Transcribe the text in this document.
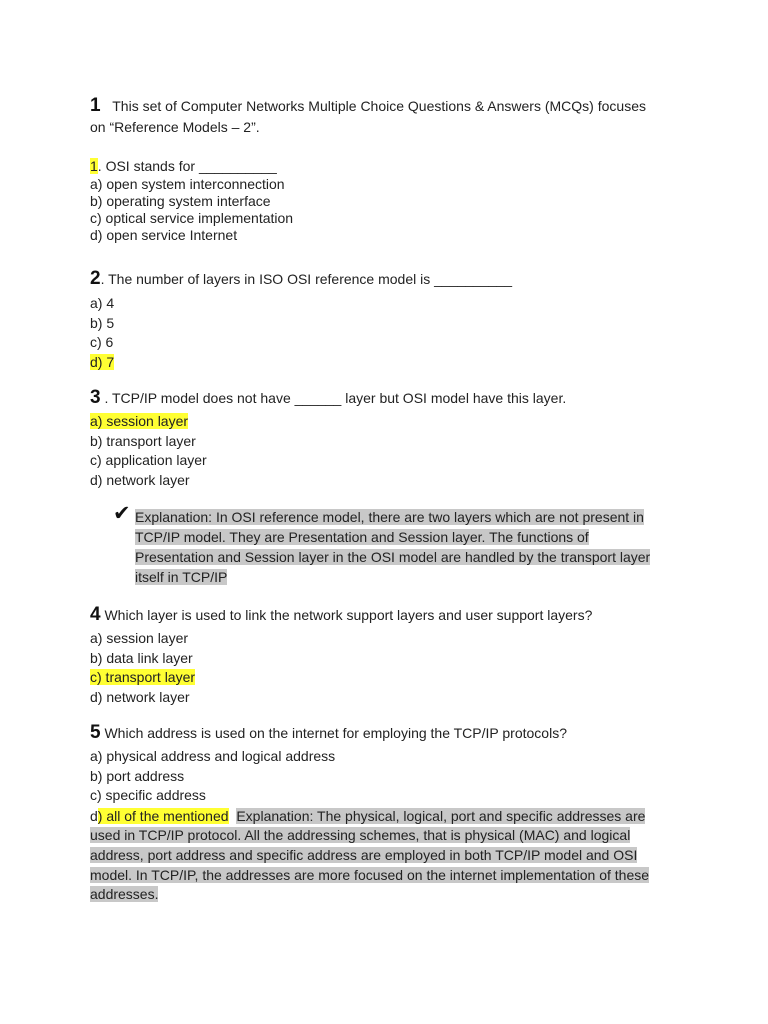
1 This set of Computer Networks Multiple Choice Questions & Answers (MCQs) focuses
on “Reference Models – 2”.
1. OSI stands for __________
a) open system interconnection
b) operating system interface
c) optical service implementation
d) open service Internet
2. The number of layers in ISO OSI reference model is __________
a) 4
b) 5
c) 6
d) 7
3 . TCP/IP model does not have ______ layer but OSI model have this layer.
a) session layer
b) transport layer
c) application layer
d) network layer
✔ Explanation: In OSI reference model, there are two layers which are not present in
TCP/IP model. They are Presentation and Session layer. The functions of
Presentation and Session layer in the OSI model are handled by the transport layer
itself in TCP/IP
4 Which layer is used to link the network support layers and user support layers?
a) session layer
b) data link layer
c) transport layer
d) network layer
5 Which address is used on the internet for employing the TCP/IP protocols?
a) physical address and logical address
b) port address
c) specific address
d) all of the mentioned Explanation: The physical, logical, port and specific addresses are
used in TCP/IP protocol. All the addressing schemes, that is physical (MAC) and logical
address, port address and specific address are employed in both TCP/IP model and OSI
model. In TCP/IP, the addresses are more focused on the internet implementation of these
addresses.
